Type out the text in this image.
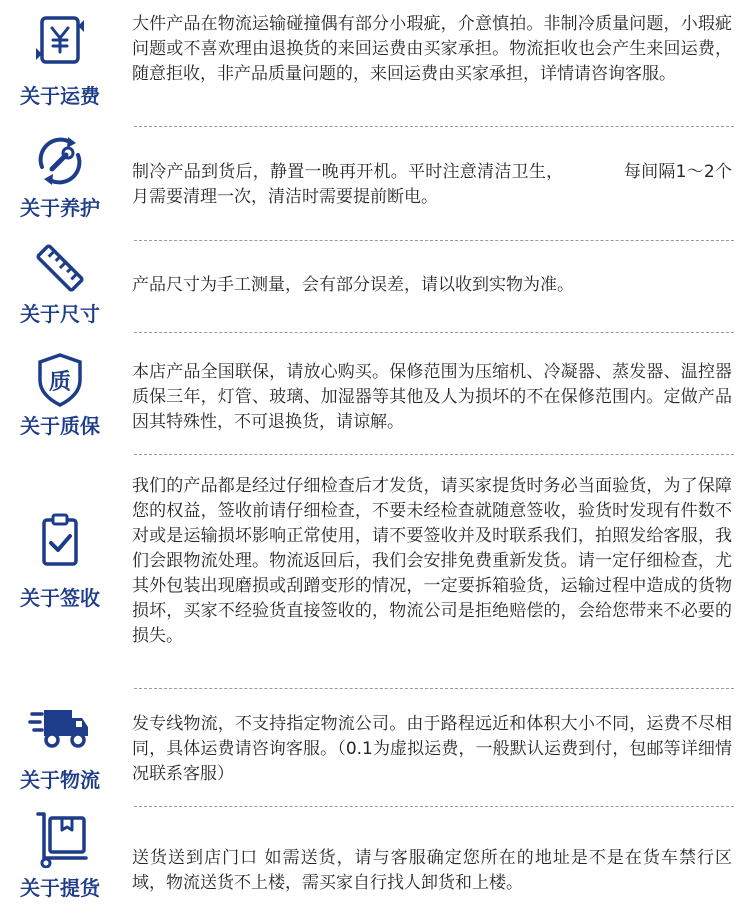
关于运费
大件产品在物流运输碰撞偶有部分小瑕疵，介意慎拍。非制冷质量问题，小瑕疵问题或不喜欢理由退换货的来回运费由买家承担。物流拒收也会产生来回运费，随意拒收，非产品质量问题的，来回运费由买家承担，详情请咨询客服。
关于养护
制冷产品到货后，静置一晚再开机。平时注意清洁卫生，　　　　每间隔1～2个月需要清理一次，清洁时需要提前断电。
关于尺寸
产品尺寸为手工测量，会有部分误差，请以收到实物为准。
质
关于质保
本店产品全国联保，请放心购买。保修范围为压缩机、冷凝器、蒸发器、温控器质保三年，灯管、玻璃、加湿器等其他及人为损坏的不在保修范围内。定做产品因其特殊性，不可退换货，请谅解。
关于签收
我们的产品都是经过仔细检查后才发货，请买家提货时务必当面验货，为了保障您的权益，签收前请仔细检查，不要未经检查就随意签收，验货时发现有件数不对或是运输损坏影响正常使用，请不要签收并及时联系我们，拍照发给客服，我们会跟物流处理。物流返回后，我们会安排免费重新发货。请一定仔细检查，尤其外包装出现磨损或刮蹭变形的情况，一定要拆箱验货，运输过程中造成的货物损坏，买家不经验货直接签收的，物流公司是拒绝赔偿的，会给您带来不必要的损失。
关于物流
发专线物流，不支持指定物流公司。由于路程远近和体积大小不同，运费不尽相同，具体运费请咨询客服。（0.1为虚拟运费，一般默认运费到付，包邮等详细情况联系客服）
关于提货
送货送到店门口 如需送货，请与客服确定您所在的地址是不是在货车禁行区域，物流送货不上楼，需买家自行找人卸货和上楼。
